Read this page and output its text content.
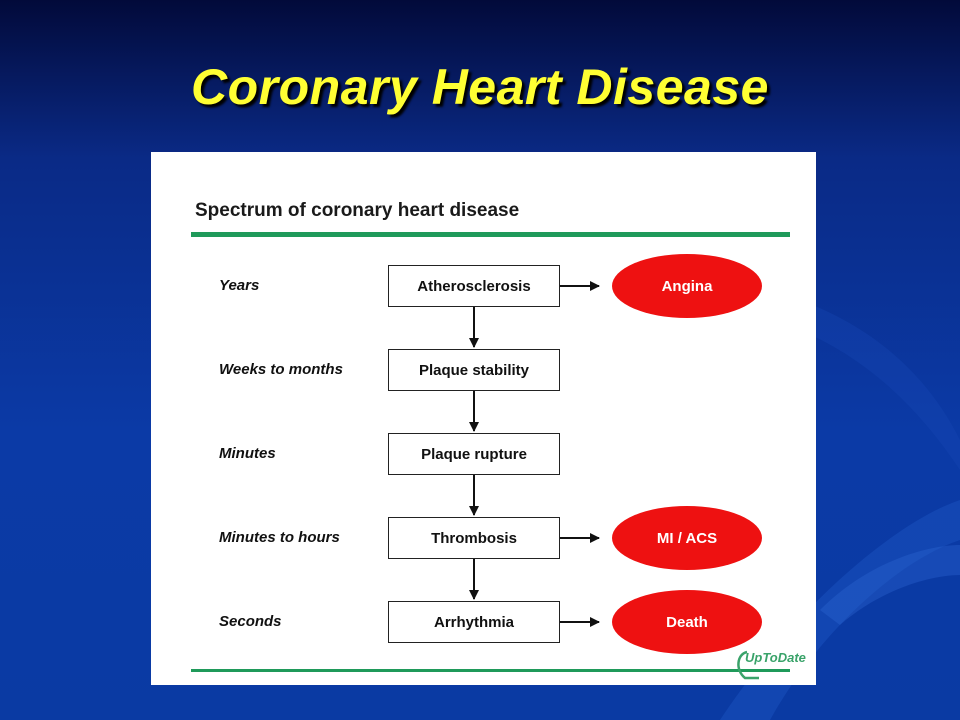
Coronary Heart Disease
Spectrum of coronary heart disease
Years
Weeks to months
Minutes
Minutes to hours
Seconds
Atherosclerosis
Plaque stability
Plaque rupture
Thrombosis
Arrhythmia
Angina
MI / ACS
Death
UpToDate
